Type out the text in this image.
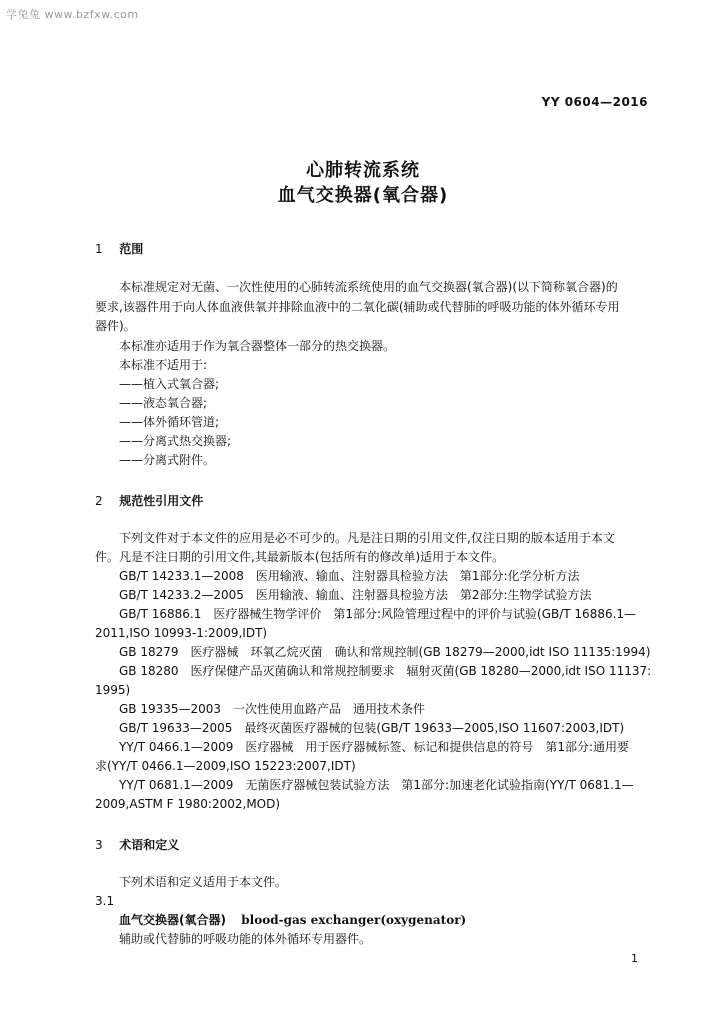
学兔兔 www.bzfxw.com
YY 0604—2016
心肺转流系统
血气交换器(氧合器)
1 范围
本标准规定对无菌、一次性使用的心肺转流系统使用的血气交换器(氧合器)(以下简称氧合器)的
要求,该器件用于向人体血液供氧并排除血液中的二氧化碳(辅助或代替肺的呼吸功能的体外循环专用
器件)。
本标准亦适用于作为氧合器整体一部分的热交换器。
本标准不适用于:
——植入式氧合器;
——液态氧合器;
——体外循环管道;
——分离式热交换器;
——分离式附件。
2 规范性引用文件
下列文件对于本文件的应用是必不可少的。凡是注日期的引用文件,仅注日期的版本适用于本文
件。凡是不注日期的引用文件,其最新版本(包括所有的修改单)适用于本文件。
GB/T 14233.1—2008　医用输液、输血、注射器具检验方法　第1部分:化学分析方法
GB/T 14233.2—2005　医用输液、输血、注射器具检验方法　第2部分:生物学试验方法
GB/T 16886.1　医疗器械生物学评价　第1部分:风险管理过程中的评价与试验(GB/T 16886.1—
2011,ISO 10993-1:2009,IDT)
GB 18279　医疗器械　环氧乙烷灭菌　确认和常规控制(GB 18279—2000,idt ISO 11135:1994)
GB 18280　医疗保健产品灭菌确认和常规控制要求　辐射灭菌(GB 18280—2000,idt ISO 11137:
1995)
GB 19335—2003　一次性使用血路产品　通用技术条件
GB/T 19633—2005　最终灭菌医疗器械的包装(GB/T 19633—2005,ISO 11607:2003,IDT)
YY/T 0466.1—2009　医疗器械　用于医疗器械标签、标记和提供信息的符号　第1部分:通用要
求(YY/T 0466.1—2009,ISO 15223:2007,IDT)
YY/T 0681.1—2009　无菌医疗器械包装试验方法　第1部分:加速老化试验指南(YY/T 0681.1—
2009,ASTM F 1980:2002,MOD)
3 术语和定义
下列术语和定义适用于本文件。
3.1
血气交换器(氧合器) blood-gas exchanger(oxygenator)
辅助或代替肺的呼吸功能的体外循环专用器件。
1
